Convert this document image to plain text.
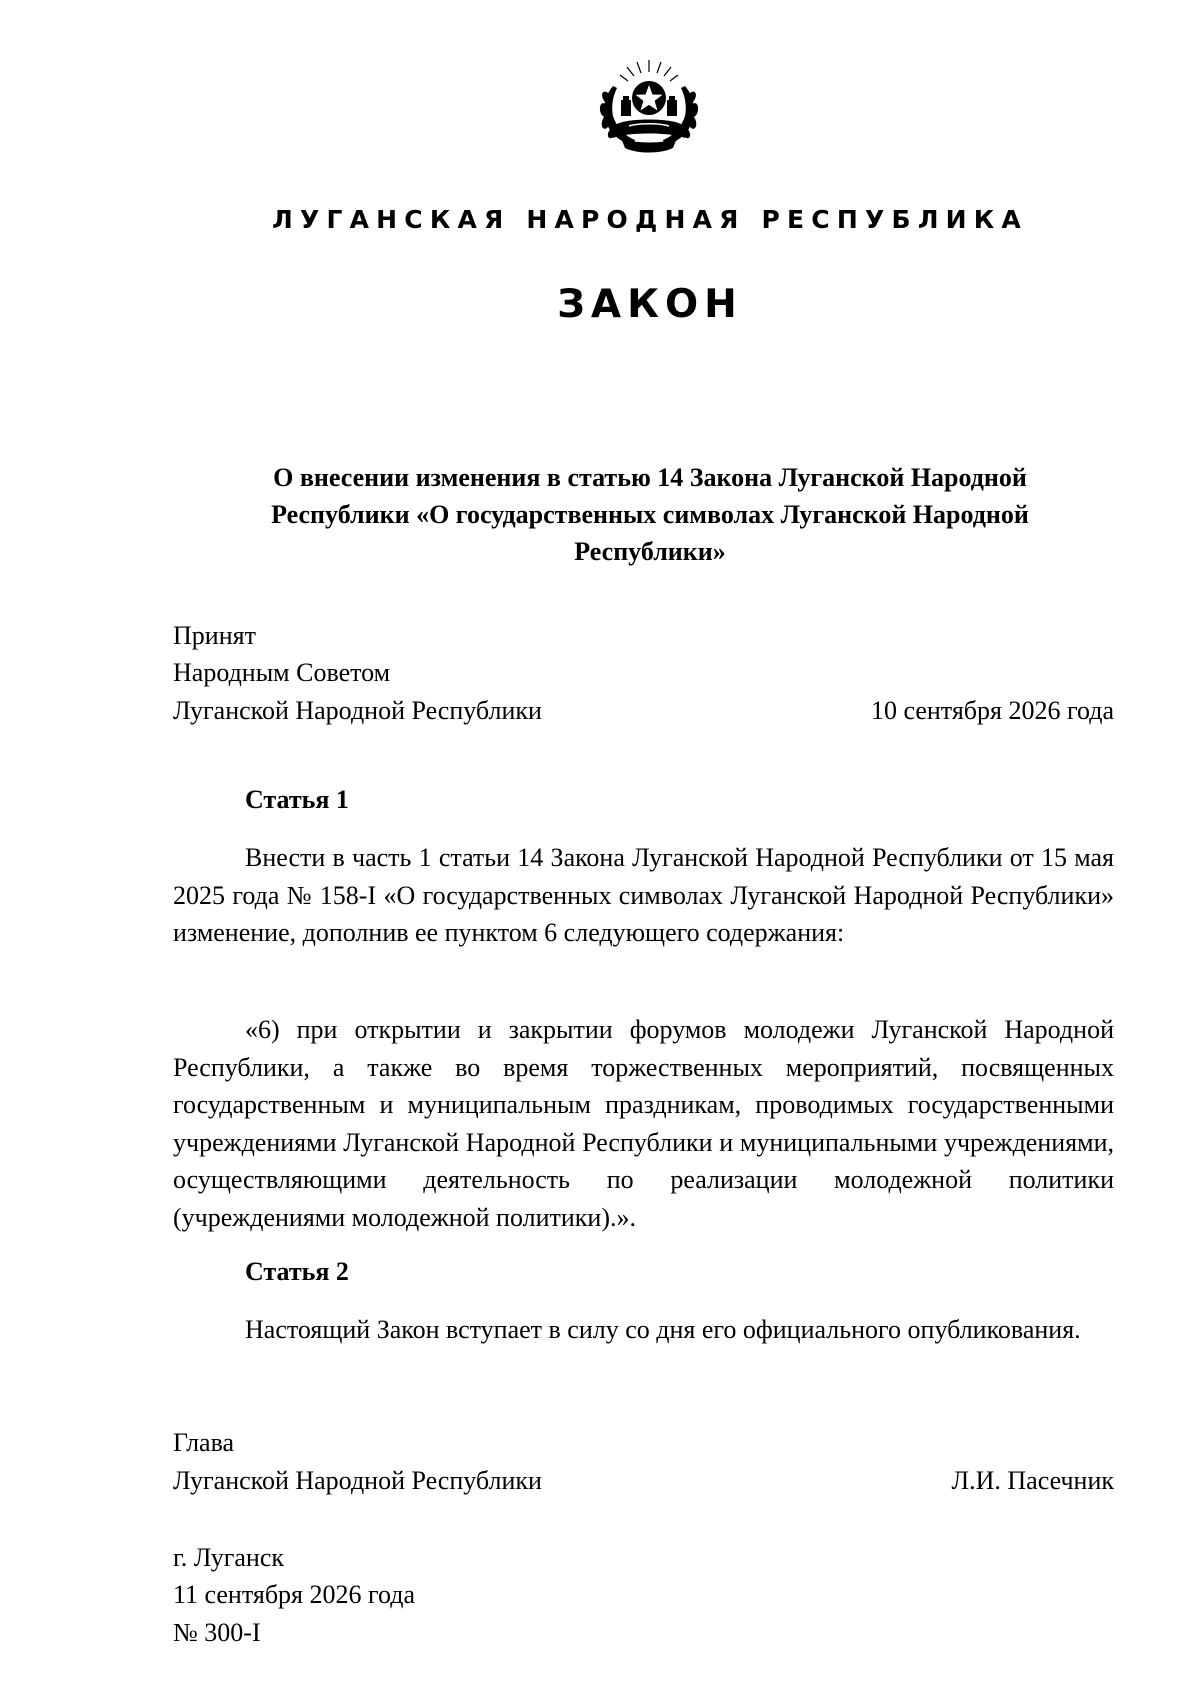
ЛУГАНСКАЯ НАРОДНАЯ РЕСПУБЛИКА
ЗАКОН
О внесении изменения в статью 14 Закона Луганской Народной Республики «О государственных символах Луганской Народной Республики»
Принят
Народным Советом
Луганской Народной Республики	10 сентября 2026 года
Статья 1
Внести в часть 1 статьи 14 Закона Луганской Народной Республики от 15 мая 2025 года № 158-I «О государственных символах Луганской Народной Республики» изменение, дополнив ее пунктом 6 следующего содержания:
«6) при открытии и закрытии форумов молодежи Луганской Народной Республики, а также во время торжественных мероприятий, посвященных государственным и муниципальным праздникам, проводимых государственными учреждениями Луганской Народной Республики и муниципальными учреждениями, осуществляющими деятельность по реализации молодежной политики (учреждениями молодежной политики).».
Статья 2
Настоящий Закон вступает в силу со дня его официального опубликования.
Глава
Луганской Народной Республики	Л.И. Пасечник
г. Луганск
11 сентября 2026 года
№ 300-I
